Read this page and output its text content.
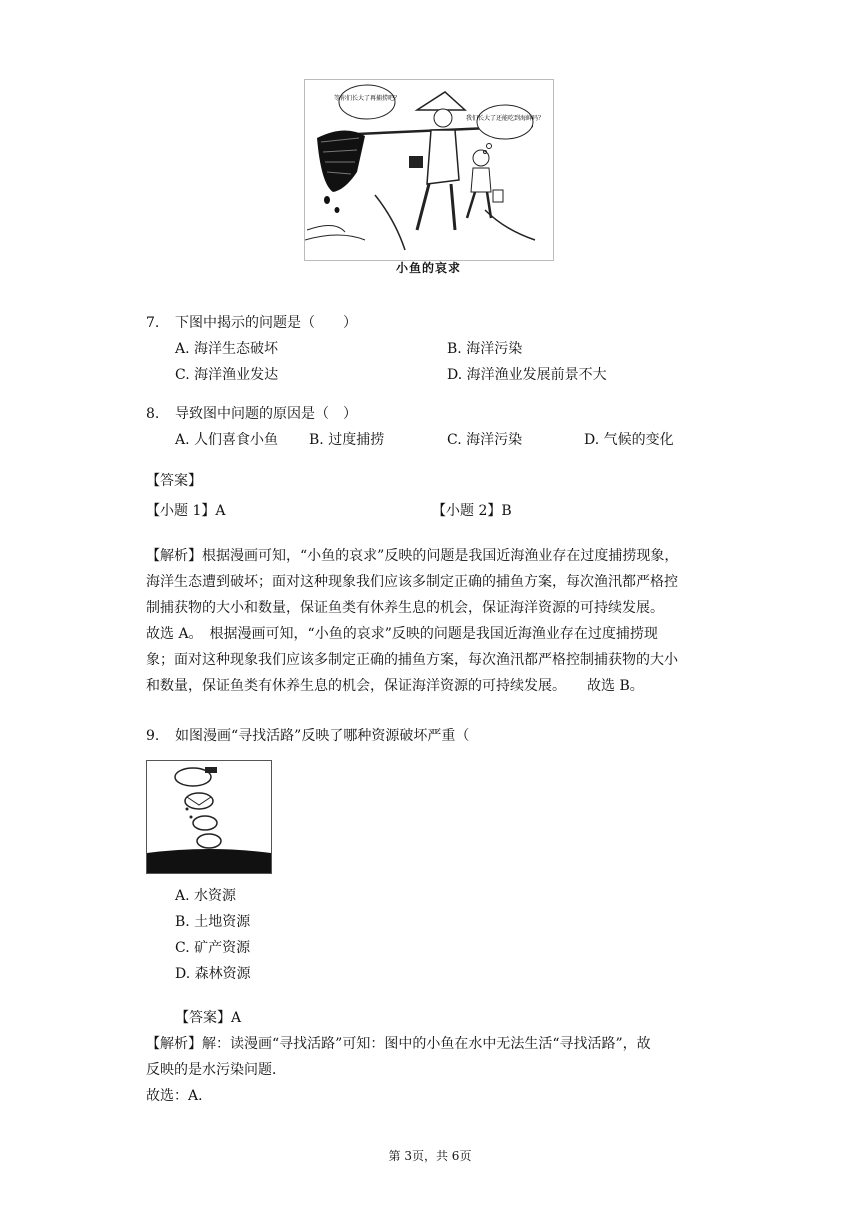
等你们长大了再捕捞吧？
我们长大了还能吃到海鲜吗？
小鱼的哀求
7. 下图中揭示的问题是（　　）
A. 海洋生态破坏	B. 海洋污染
C. 海洋渔业发达	D. 海洋渔业发展前景不大
8. 导致图中问题的原因是（　）
A. 人们喜食小鱼 B. 过度捕捞	C. 海洋污染	D. 气候的变化
【答案】
【小题 1】A	【小题 2】B
【解析】根据漫画可知，“小鱼的哀求”反映的问题是我国近海渔业存在过度捕捞现象，
海洋生态遭到破坏；面对这种现象我们应该多制定正确的捕鱼方案，每次渔汛都严格控
制捕获物的大小和数量，保证鱼类有休养生息的机会，保证海洋资源的可持续发展。
故选 A。　根据漫画可知，“小鱼的哀求”反映的问题是我国近海渔业存在过度捕捞现
象；面对这种现象我们应该多制定正确的捕鱼方案，每次渔汛都严格控制捕获物的大小
和数量，保证鱼类有休养生息的机会，保证海洋资源的可持续发展。　　故选 B。
9. 如图漫画“寻找活路”反映了哪种资源破坏严重（
A. 水资源
B. 土地资源
C. 矿产资源
D. 森林资源
【答案】A
【解析】解：读漫画“寻找活路”可知：图中的小鱼在水中无法生活“寻找活路”，故
反映的是水污染问题．
故选：A．
第 3页，共 6页
